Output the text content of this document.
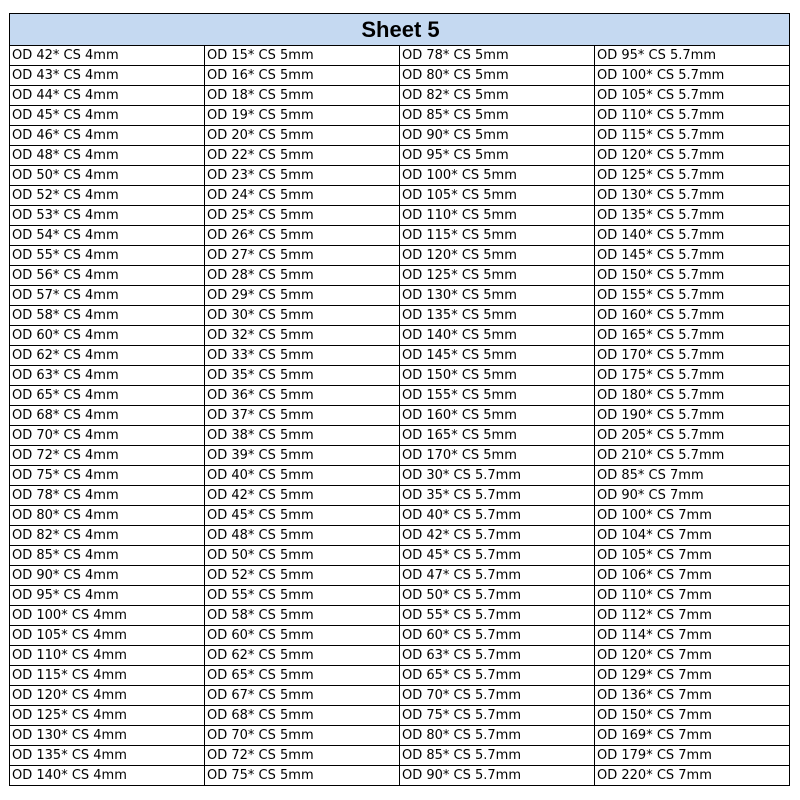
Sheet 5			
OD 42* CS 4mm	OD 15* CS 5mm	OD 78* CS 5mm	OD 95* CS 5.7mm
OD 43* CS 4mm	OD 16* CS 5mm	OD 80* CS 5mm	OD 100* CS 5.7mm
OD 44* CS 4mm	OD 18* CS 5mm	OD 82* CS 5mm	OD 105* CS 5.7mm
OD 45* CS 4mm	OD 19* CS 5mm	OD 85* CS 5mm	OD 110* CS 5.7mm
OD 46* CS 4mm	OD 20* CS 5mm	OD 90* CS 5mm	OD 115* CS 5.7mm
OD 48* CS 4mm	OD 22* CS 5mm	OD 95* CS 5mm	OD 120* CS 5.7mm
OD 50* CS 4mm	OD 23* CS 5mm	OD 100* CS 5mm	OD 125* CS 5.7mm
OD 52* CS 4mm	OD 24* CS 5mm	OD 105* CS 5mm	OD 130* CS 5.7mm
OD 53* CS 4mm	OD 25* CS 5mm	OD 110* CS 5mm	OD 135* CS 5.7mm
OD 54* CS 4mm	OD 26* CS 5mm	OD 115* CS 5mm	OD 140* CS 5.7mm
OD 55* CS 4mm	OD 27* CS 5mm	OD 120* CS 5mm	OD 145* CS 5.7mm
OD 56* CS 4mm	OD 28* CS 5mm	OD 125* CS 5mm	OD 150* CS 5.7mm
OD 57* CS 4mm	OD 29* CS 5mm	OD 130* CS 5mm	OD 155* CS 5.7mm
OD 58* CS 4mm	OD 30* CS 5mm	OD 135* CS 5mm	OD 160* CS 5.7mm
OD 60* CS 4mm	OD 32* CS 5mm	OD 140* CS 5mm	OD 165* CS 5.7mm
OD 62* CS 4mm	OD 33* CS 5mm	OD 145* CS 5mm	OD 170* CS 5.7mm
OD 63* CS 4mm	OD 35* CS 5mm	OD 150* CS 5mm	OD 175* CS 5.7mm
OD 65* CS 4mm	OD 36* CS 5mm	OD 155* CS 5mm	OD 180* CS 5.7mm
OD 68* CS 4mm	OD 37* CS 5mm	OD 160* CS 5mm	OD 190* CS 5.7mm
OD 70* CS 4mm	OD 38* CS 5mm	OD 165* CS 5mm	OD 205* CS 5.7mm
OD 72* CS 4mm	OD 39* CS 5mm	OD 170* CS 5mm	OD 210* CS 5.7mm
OD 75* CS 4mm	OD 40* CS 5mm	OD 30* CS 5.7mm	OD 85* CS 7mm
OD 78* CS 4mm	OD 42* CS 5mm	OD 35* CS 5.7mm	OD 90* CS 7mm
OD 80* CS 4mm	OD 45* CS 5mm	OD 40* CS 5.7mm	OD 100* CS 7mm
OD 82* CS 4mm	OD 48* CS 5mm	OD 42* CS 5.7mm	OD 104* CS 7mm
OD 85* CS 4mm	OD 50* CS 5mm	OD 45* CS 5.7mm	OD 105* CS 7mm
OD 90* CS 4mm	OD 52* CS 5mm	OD 47* CS 5.7mm	OD 106* CS 7mm
OD 95* CS 4mm	OD 55* CS 5mm	OD 50* CS 5.7mm	OD 110* CS 7mm
OD 100* CS 4mm	OD 58* CS 5mm	OD 55* CS 5.7mm	OD 112* CS 7mm
OD 105* CS 4mm	OD 60* CS 5mm	OD 60* CS 5.7mm	OD 114* CS 7mm
OD 110* CS 4mm	OD 62* CS 5mm	OD 63* CS 5.7mm	OD 120* CS 7mm
OD 115* CS 4mm	OD 65* CS 5mm	OD 65* CS 5.7mm	OD 129* CS 7mm
OD 120* CS 4mm	OD 67* CS 5mm	OD 70* CS 5.7mm	OD 136* CS 7mm
OD 125* CS 4mm	OD 68* CS 5mm	OD 75* CS 5.7mm	OD 150* CS 7mm
OD 130* CS 4mm	OD 70* CS 5mm	OD 80* CS 5.7mm	OD 169* CS 7mm
OD 135* CS 4mm	OD 72* CS 5mm	OD 85* CS 5.7mm	OD 179* CS 7mm
OD 140* CS 4mm	OD 75* CS 5mm	OD 90* CS 5.7mm	OD 220* CS 7mm
